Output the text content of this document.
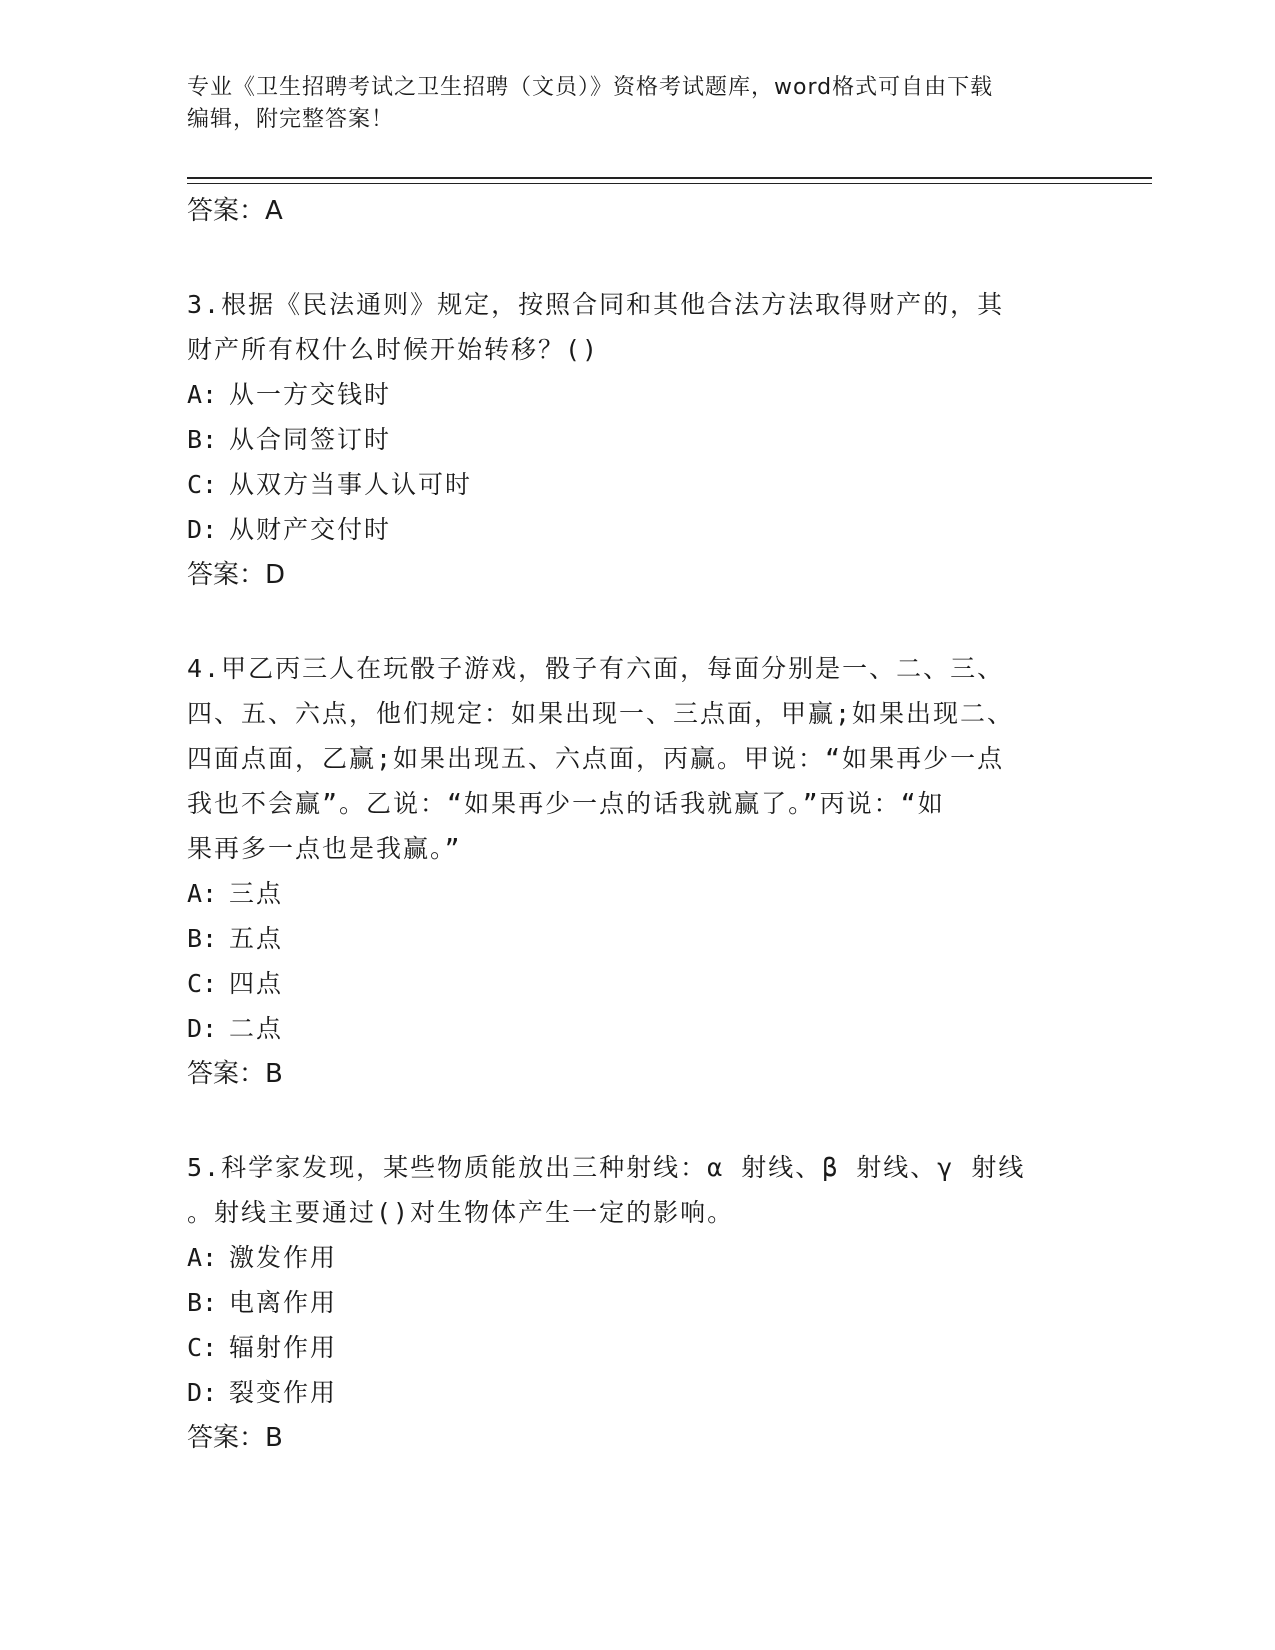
专业《卫生招聘考试之卫生招聘（文员）》资格考试题库，word格式可自由下载
编辑，附完整答案！
答案：A
3.根据《民法通则》规定，按照合同和其他合法方法取得财产的，其
财产所有权什么时候开始转移？()
A: 从一方交钱时
B: 从合同签订时
C: 从双方当事人认可时
D: 从财产交付时
答案：D
4.甲乙丙三人在玩骰子游戏，骰子有六面，每面分别是一、二、三、
四、五、六点，他们规定：如果出现一、三点面，甲赢;如果出现二、
四面点面，乙赢;如果出现五、六点面，丙赢。甲说：“如果再少一点
我也不会赢”。乙说：“如果再少一点的话我就赢了。”丙说：“如
果再多一点也是我赢。”
A: 三点
B: 五点
C: 四点
D: 二点
答案：B
5.科学家发现，某些物质能放出三种射线：α 射线、β 射线、γ 射线
。射线主要通过()对生物体产生一定的影响。
A: 激发作用
B: 电离作用
C: 辐射作用
D: 裂变作用
答案：B
